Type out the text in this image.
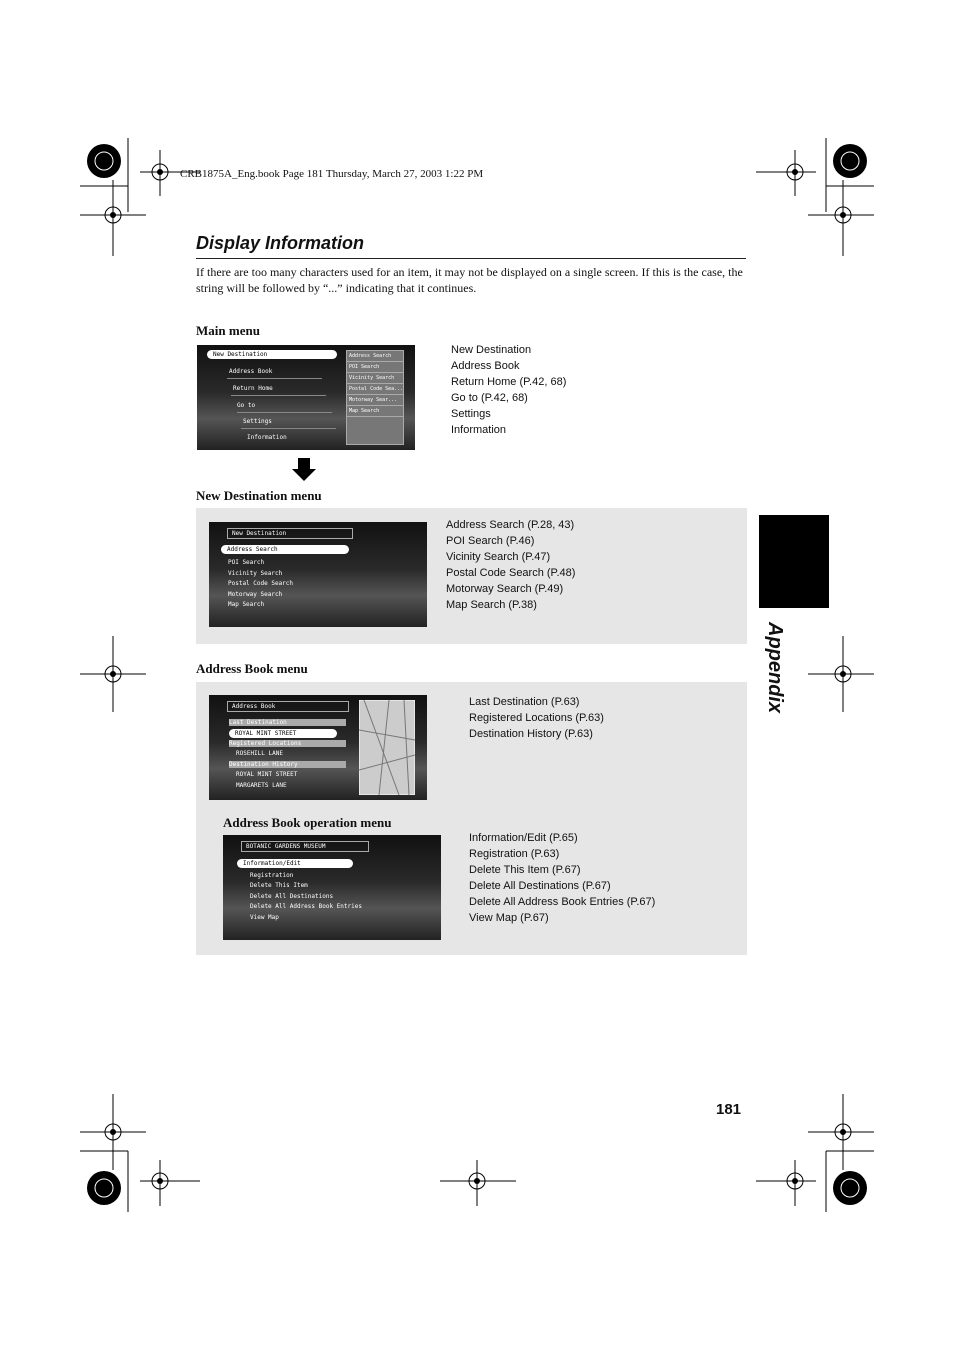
CRB1875A_Eng.book Page 181 Thursday, March 27, 2003 1:22 PM
Display Information
If there are too many characters used for an item, it may not be displayed on a single screen. If this is the case, the string will be followed by “...” indicating that it continues.
Main menu
New Destination
Address Book
Return Home
Go to
Settings
Information
Address Search
POI Search
Vicinity Search
Postal Code Sea...
Motorway Sear...
Map Search
New Destination
Address Book
Return Home (P.42, 68)
Go to (P.42, 68)
Settings
Information
New Destination menu
New Destination
Address Search
POI Search
Vicinity Search
Postal Code Search
Motorway Search
Map Search
Address Search (P.28, 43)
POI Search (P.46)
Vicinity Search (P.47)
Postal Code Search (P.48)
Motorway Search (P.49)
Map Search (P.38)
Address Book menu
Address Book
Last Destination
ROYAL MINT STREET
Registered Locations
ROSEHILL LANE
Destination History
ROYAL MINT STREET
MARGARETS LANE
Last Destination (P.63)
Registered Locations (P.63)
Destination History (P.63)
Address Book operation menu
BOTANIC GARDENS MUSEUM
Information/Edit
Registration
Delete This Item
Delete All Destinations
Delete All Address Book Entries
View Map
Information/Edit (P.65)
Registration (P.63)
Delete This Item (P.67)
Delete All Destinations (P.67)
Delete All Address Book Entries (P.67)
View Map (P.67)
Appendix
181
